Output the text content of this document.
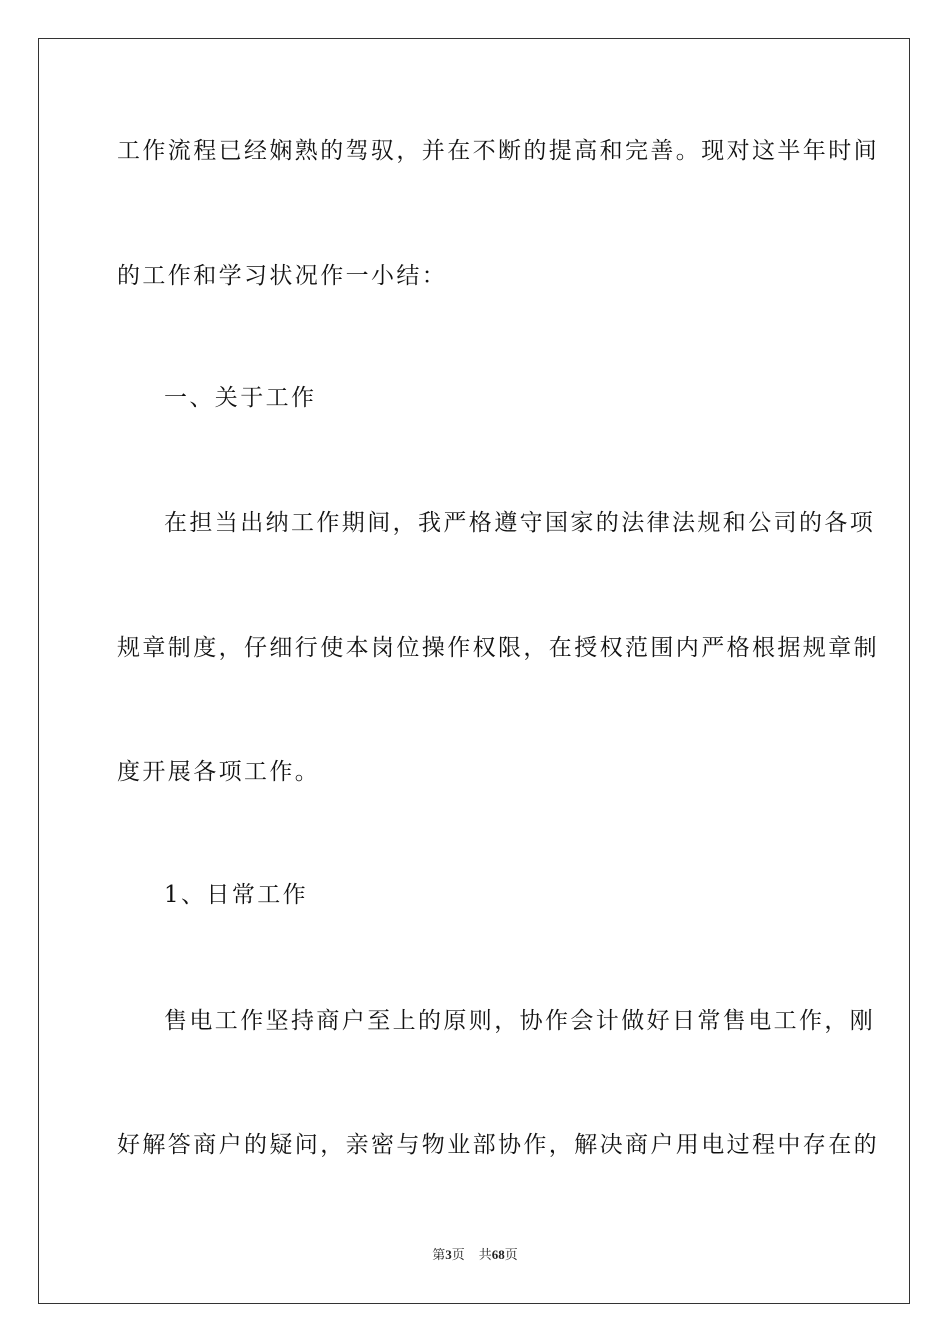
工作流程已经娴熟的驾驭，并在不断的提高和完善。现对这半年时间
的工作和学习状况作一小结：
一、关于工作
在担当出纳工作期间，我严格遵守国家的法律法规和公司的各项
规章制度，仔细行使本岗位操作权限，在授权范围内严格根据规章制
度开展各项工作。
1、日常工作
售电工作坚持商户至上的原则，协作会计做好日常售电工作，刚
好解答商户的疑问，亲密与物业部协作，解决商户用电过程中存在的
第3页 共68页
